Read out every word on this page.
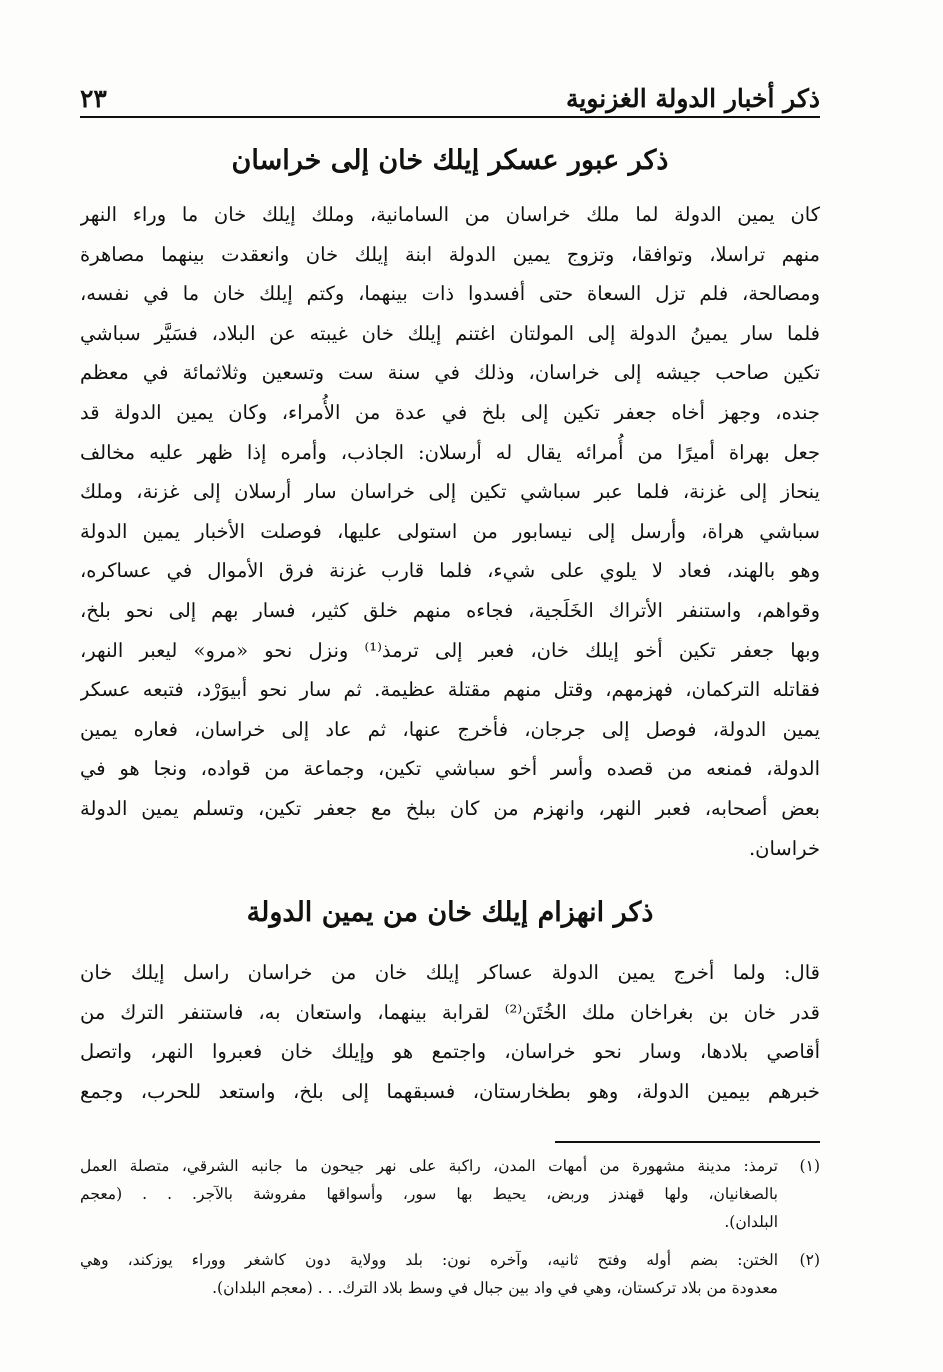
ذكر أخبار الدولة الغزنوية
٢٣
ذكر عبور عسكر إيلك خان إلى خراسان
كان يمين الدولة لما ملك خراسان من السامانية، وملك إيلك خان ما وراء النهر
منهم تراسلا، وتوافقا، وتزوج يمين الدولة ابنة إيلك خان وانعقدت بينهما مصاهرة
ومصالحة، فلم تزل السعاة حتى أفسدوا ذات بينهما، وكتم إيلك خان ما في نفسه،
فلما سار يمينُ الدولة إلى المولتان اغتنم إيلك خان غيبته عن البلاد، فسَيَّر سباشي
تكين صاحب جيشه إلى خراسان، وذلك في سنة ست وتسعين وثلاثمائة في معظم
جنده، وجهز أخاه جعفر تكين إلى بلخ في عدة من الأُمراء، وكان يمين الدولة قد
جعل بهراة أميرًا من أُمرائه يقال له أرسلان: الجاذب، وأمره إذا ظهر عليه مخالف
ينحاز إلى غزنة، فلما عبر سباشي تكين إلى خراسان سار أرسلان إلى غزنة، وملك
سباشي هراة، وأرسل إلى نيسابور من استولى عليها، فوصلت الأخبار يمين الدولة
وهو بالهند، فعاد لا يلوي على شيء، فلما قارب غزنة فرق الأموال في عساكره،
وقواهم، واستنفر الأتراك الخَلَجية، فجاءه منهم خلق كثير، فسار بهم إلى نحو بلخ،
وبها جعفر تكين أخو إيلك خان، فعبر إلى ترمذ⁽¹⁾ ونزل نحو «مرو» ليعبر النهر،
فقاتله التركمان، فهزمهم، وقتل منهم مقتلة عظيمة. ثم سار نحو أبيوَرْد، فتبعه عسكر
يمين الدولة، فوصل إلى جرجان، فأخرج عنها، ثم عاد إلى خراسان، فعاره يمين
الدولة، فمنعه من قصده وأسر أخو سباشي تكين، وجماعة من قواده، ونجا هو في
بعض أصحابه، فعبر النهر، وانهزم من كان ببلخ مع جعفر تكين، وتسلم يمين الدولة
خراسان.
ذكر انهزام إيلك خان من يمين الدولة
قال: ولما أخرج يمين الدولة عساكر إيلك خان من خراسان راسل إيلك خان
قدر خان بن بغراخان ملك الخُتَن⁽²⁾ لقرابة بينهما، واستعان به، فاستنفر الترك من
أقاصي بلادها، وسار نحو خراسان، واجتمع هو وإيلك خان فعبروا النهر، واتصل
خبرهم بيمين الدولة، وهو بطخارستان، فسبقهما إلى بلخ، واستعد للحرب، وجمع
(١)
ترمذ: مدينة مشهورة من أمهات المدن، راكبة على نهر جيحون ما جانبه الشرقي، متصلة العمل
بالصغانيان، ولها قهندز وربض، يحيط بها سور، وأسواقها مفروشة بالآجر. . . (معجم
البلدان).
(٢)
الختن: بضم أوله وفتح ثانيه، وآخره نون: بلد وولاية دون كاشغر ووراء يوزكند، وهي
معدودة من بلاد تركستان، وهي في واد بين جبال في وسط بلاد الترك. . . (معجم البلدان).
